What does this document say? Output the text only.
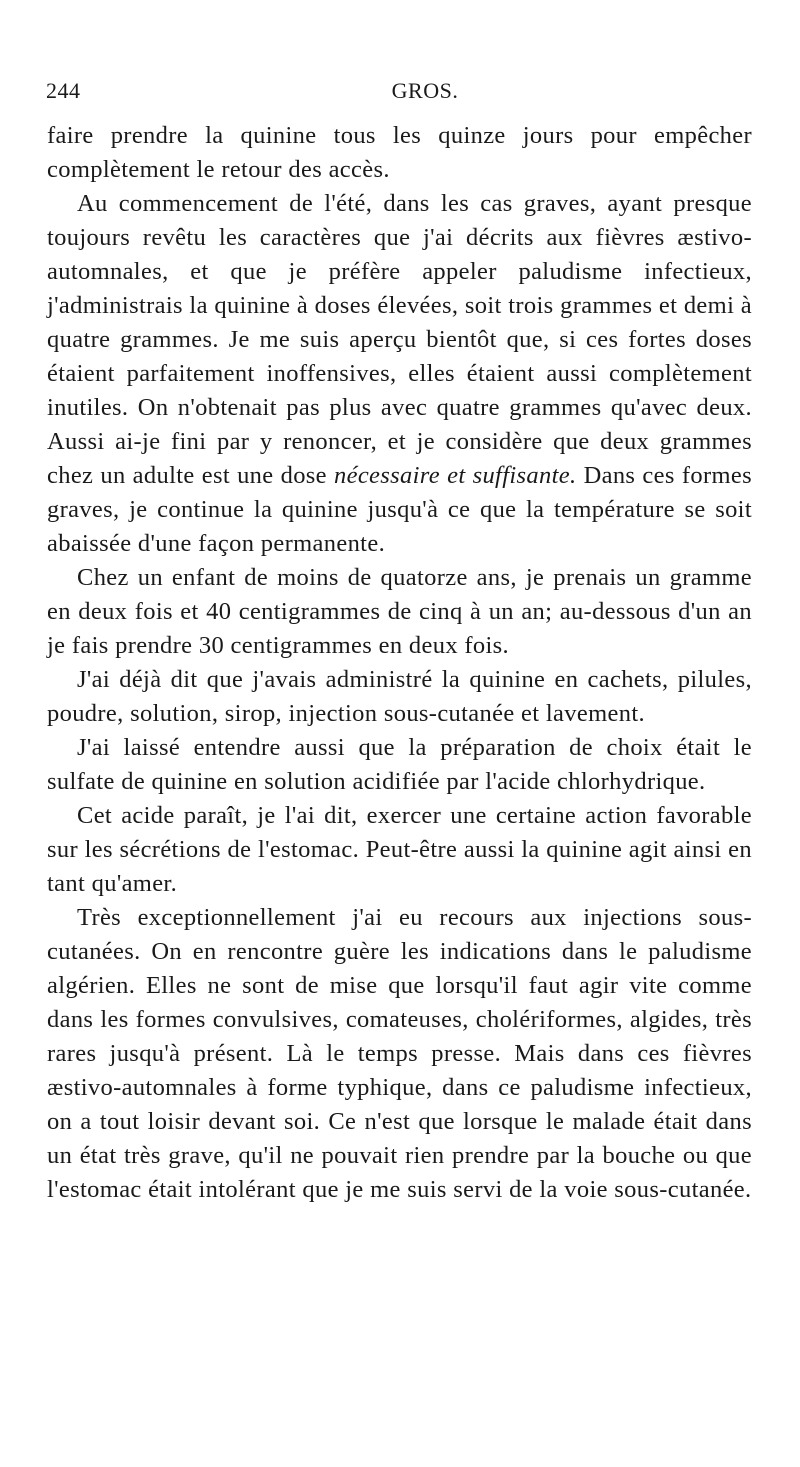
244	GROS.

faire prendre la quinine tous les quinze jours pour empêcher complètement le retour des accès.

Au commencement de l'été, dans les cas graves, ayant presque toujours revêtu les caractères que j'ai décrits aux fièvres æstivo-automnales, et que je préfère appeler paludisme infectieux, j'administrais la quinine à doses élevées, soit trois grammes et demi à quatre grammes. Je me suis aperçu bientôt que, si ces fortes doses étaient parfaitement inoffensives, elles étaient aussi complètement inutiles. On n'obtenait pas plus avec quatre grammes qu'avec deux. Aussi ai-je fini par y renoncer, et je considère que deux grammes chez un adulte est une dose nécessaire et suffisante. Dans ces formes graves, je continue la quinine jusqu'à ce que la température se soit abaissée d'une façon permanente.

Chez un enfant de moins de quatorze ans, je prenais un gramme en deux fois et 40 centigrammes de cinq à un an; au-dessous d'un an je fais prendre 30 centigrammes en deux fois.

J'ai déjà dit que j'avais administré la quinine en cachets, pilules, poudre, solution, sirop, injection sous-cutanée et lavement.

J'ai laissé entendre aussi que la préparation de choix était le sulfate de quinine en solution acidifiée par l'acide chlorhydrique.

Cet acide paraît, je l'ai dit, exercer une certaine action favorable sur les sécrétions de l'estomac. Peut-être aussi la quinine agit ainsi en tant qu'amer.

Très exceptionnellement j'ai eu recours aux injections sous-cutanées. On en rencontre guère les indications dans le paludisme algérien. Elles ne sont de mise que lorsqu'il faut agir vite comme dans les formes convulsives, comateuses, cholériformes, algides, très rares jusqu'à présent. Là le temps presse. Mais dans ces fièvres æstivo-automnales à forme typhique, dans ce paludisme infectieux, on a tout loisir devant soi. Ce n'est que lorsque le malade était dans un état très grave, qu'il ne pouvait rien prendre par la bouche ou que l'estomac était intolérant que je me suis servi de la voie sous-cutanée.
